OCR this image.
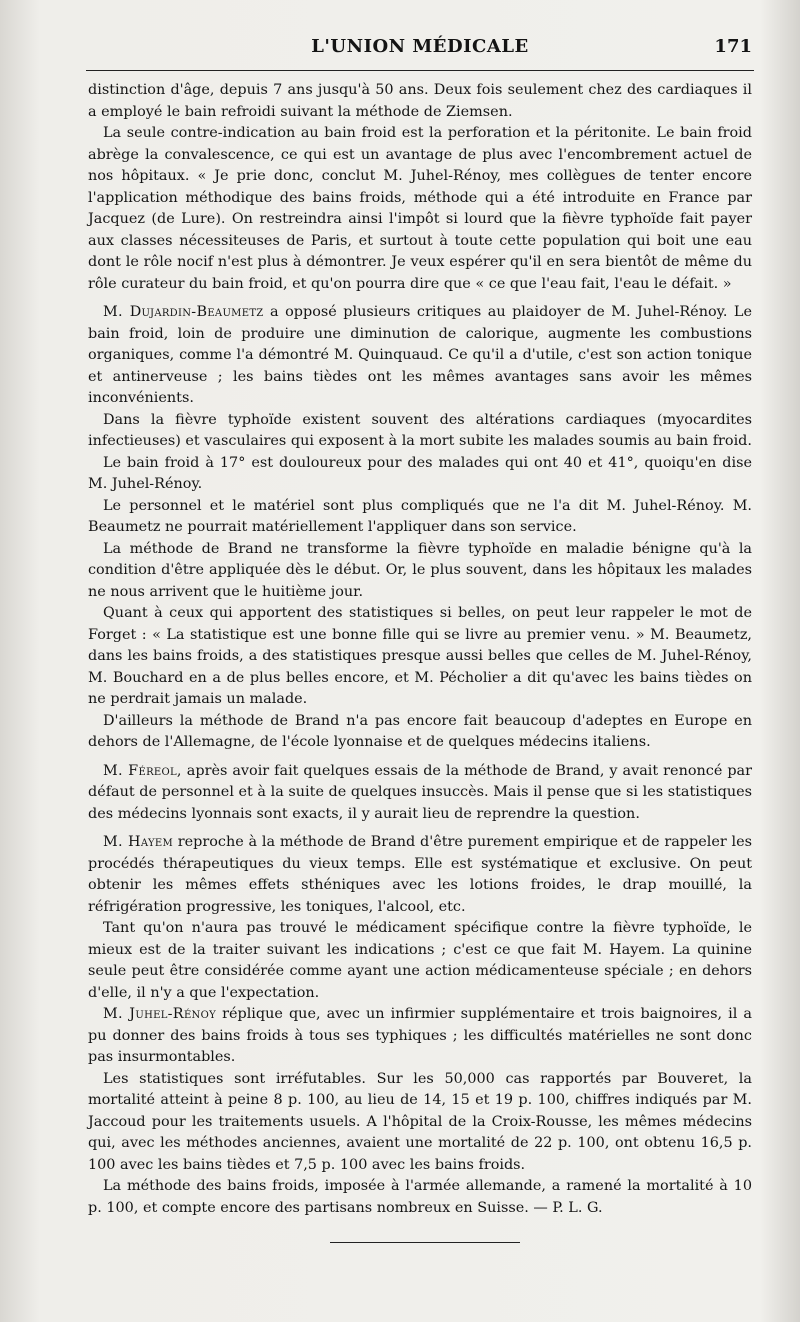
L'UNION MÉDICALE	171

distinction d'âge, depuis 7 ans jusqu'à 50 ans. Deux fois seulement chez des cardiaques il a employé le bain refroidi suivant la méthode de Ziemsen.

La seule contre-indication au bain froid est la perforation et la péritonite. Le bain froid abrège la convalescence, ce qui est un avantage de plus avec l'encombrement actuel de nos hôpitaux. « Je prie donc, conclut M. Juhel-Rénoy, mes collègues de tenter encore l'application méthodique des bains froids, méthode qui a été introduite en France par Jacquez (de Lure). On restreindra ainsi l'impôt si lourd que la fièvre typhoïde fait payer aux classes nécessiteuses de Paris, et surtout à toute cette population qui boit une eau dont le rôle nocif n'est plus à démontrer. Je veux espérer qu'il en sera bientôt de même du rôle curateur du bain froid, et qu'on pourra dire que « ce que l'eau fait, l'eau le défait. »

M. Dujardin-Beaumetz a opposé plusieurs critiques au plaidoyer de M. Juhel-Rénoy. Le bain froid, loin de produire une diminution de calorique, augmente les combustions organiques, comme l'a démontré M. Quinquaud. Ce qu'il a d'utile, c'est son action tonique et antinerveuse ; les bains tièdes ont les mêmes avantages sans avoir les mêmes inconvénients.

Dans la fièvre typhoïde existent souvent des altérations cardiaques (myocardites infectieuses) et vasculaires qui exposent à la mort subite les malades soumis au bain froid.

Le bain froid à 17° est douloureux pour des malades qui ont 40 et 41°, quoiqu'en dise M. Juhel-Rénoy.

Le personnel et le matériel sont plus compliqués que ne l'a dit M. Juhel-Rénoy. M. Beaumetz ne pourrait matériellement l'appliquer dans son service.

La méthode de Brand ne transforme la fièvre typhoïde en maladie bénigne qu'à la condition d'être appliquée dès le début. Or, le plus souvent, dans les hôpitaux les malades ne nous arrivent que le huitième jour.

Quant à ceux qui apportent des statistiques si belles, on peut leur rappeler le mot de Forget : « La statistique est une bonne fille qui se livre au premier venu. » M. Beaumetz, dans les bains froids, a des statistiques presque aussi belles que celles de M. Juhel-Rénoy, M. Bouchard en a de plus belles encore, et M. Pécholier a dit qu'avec les bains tièdes on ne perdrait jamais un malade.

D'ailleurs la méthode de Brand n'a pas encore fait beaucoup d'adeptes en Europe en dehors de l'Allemagne, de l'école lyonnaise et de quelques médecins italiens.

M. Féreol, après avoir fait quelques essais de la méthode de Brand, y avait renoncé par défaut de personnel et à la suite de quelques insuccès. Mais il pense que si les statistiques des médecins lyonnais sont exacts, il y aurait lieu de reprendre la question.

M. Hayem reproche à la méthode de Brand d'être purement empirique et de rappeler les procédés thérapeutiques du vieux temps. Elle est systématique et exclusive. On peut obtenir les mêmes effets sthéniques avec les lotions froides, le drap mouillé, la réfrigération progressive, les toniques, l'alcool, etc.

Tant qu'on n'aura pas trouvé le médicament spécifique contre la fièvre typhoïde, le mieux est de la traiter suivant les indications ; c'est ce que fait M. Hayem. La quinine seule peut être considérée comme ayant une action médicamenteuse spéciale ; en dehors d'elle, il n'y a que l'expectation.

M. Juhel-Rénoy réplique que, avec un infirmier supplémentaire et trois baignoires, il a pu donner des bains froids à tous ses typhiques ; les difficultés matérielles ne sont donc pas insurmontables.

Les statistiques sont irréfutables. Sur les 50,000 cas rapportés par Bouveret, la mortalité atteint à peine 8 p. 100, au lieu de 14, 15 et 19 p. 100, chiffres indiqués par M. Jaccoud pour les traitements usuels. A l'hôpital de la Croix-Rousse, les mêmes médecins qui, avec les méthodes anciennes, avaient une mortalité de 22 p. 100, ont obtenu 16,5 p. 100 avec les bains tièdes et 7,5 p. 100 avec les bains froids.

La méthode des bains froids, imposée à l'armée allemande, a ramené la mortalité à 10 p. 100, et compte encore des partisans nombreux en Suisse. — P. L. G.
